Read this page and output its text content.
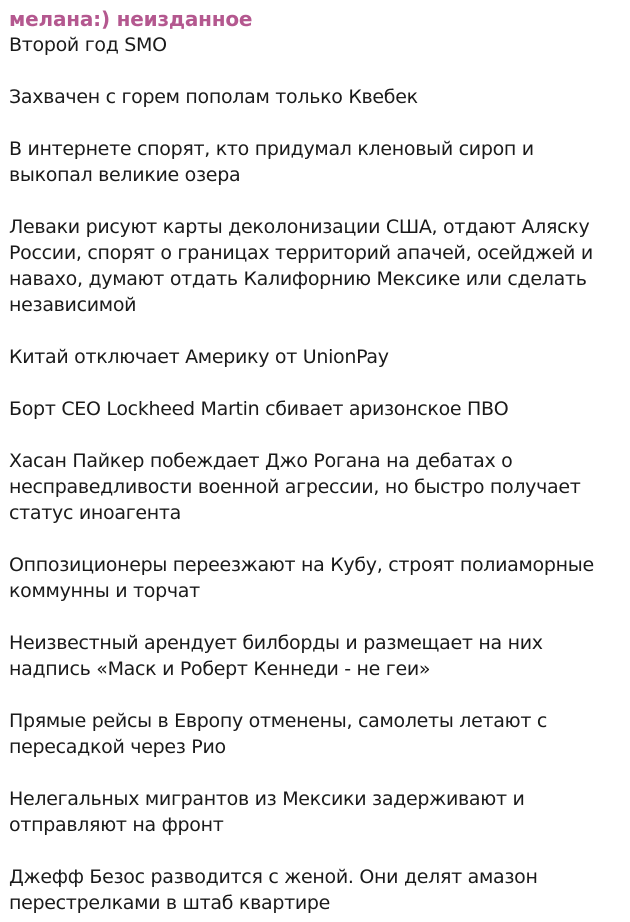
мелана:) неизданное

Второй год SMO

Захвачен с горем пополам только Квебек

В интернете спорят, кто придумал кленовый сироп и выкопал великие озера

Леваки рисуют карты деколонизации США, отдают Аляску России, спорят о границах территорий апачей, осейджей и навахо, думают отдать Калифорнию Мексике или сделать независимой

Китай отключает Америку от UnionPay

Борт CEO Lockheed Martin сбивает аризонское ПВО

Хасан Пайкер побеждает Джо Рогана на дебатах о несправедливости военной агрессии, но быстро получает статус иноагента

Оппозиционеры переезжают на Кубу, строят полиаморные коммунны и торчат

Неизвестный арендует билборды и размещает на них надпись «Маск и Роберт Кеннеди - не геи»

Прямые рейсы в Европу отменены, самолеты летают с пересадкой через Рио

Нелегальных мигрантов из Мексики задерживают и отправляют на фронт

Джефф Безос разводится с женой. Они делят амазон перестрелками в штаб квартире
